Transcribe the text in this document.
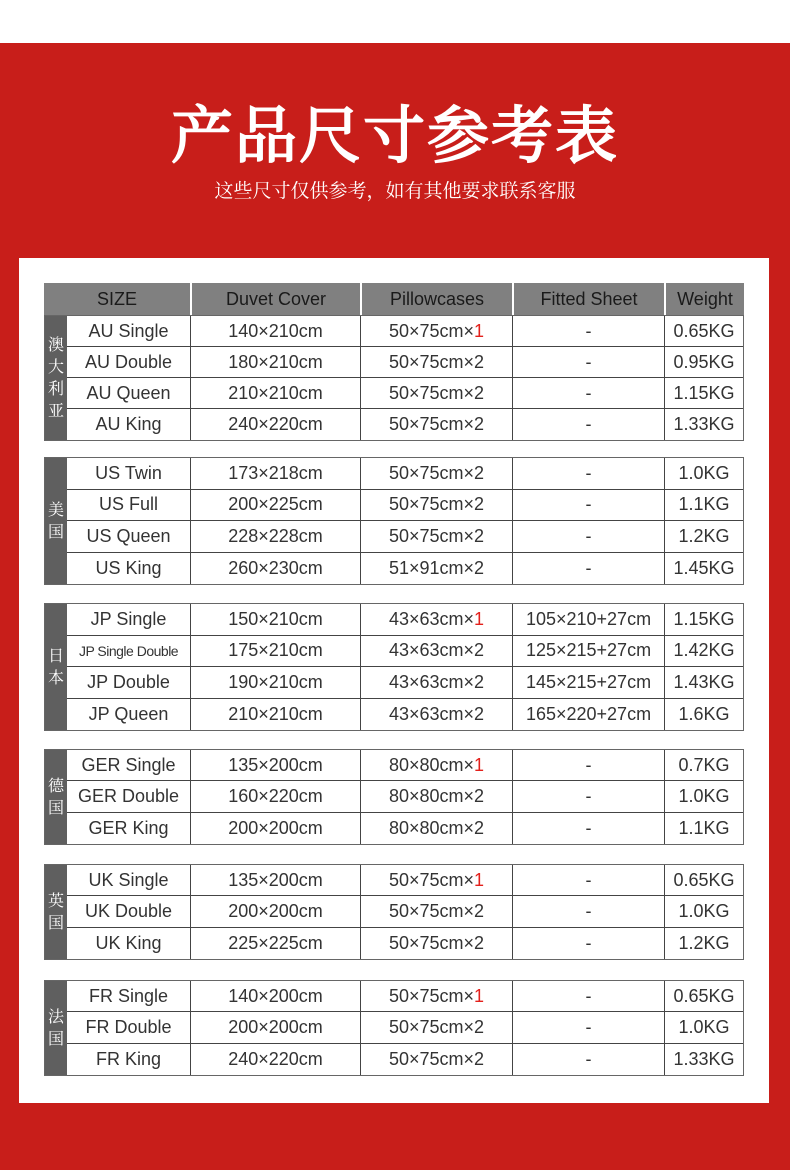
产品尺寸参考表

这些尺寸仅供参考，如有其他要求联系客服

SIZE	Duvet Cover	Pillowcases	Fitted Sheet	Weight
澳大利亚
AU Single	140×210cm	50×75cm× 1	-	0.65KG
AU Double	180×210cm	50×75cm× 2	-	0.95KG
AU Queen	210×210cm	50×75cm× 2	-	1.15KG
AU King	240×220cm	50×75cm× 2	-	1.33KG
美国
US Twin	173×218cm	50×75cm× 2	-	1.0KG
US Full	200×225cm	50×75cm× 2	-	1.1KG
US Queen	228×228cm	50×75cm× 2	-	1.2KG
US King	260×230cm	51×91cm× 2	-	1.45KG
日本
JP Single	150×210cm	43×63cm× 1	105×210+27cm	1.15KG
JP Single Double	175×210cm	43×63cm× 2	125×215+27cm	1.42KG
JP Double	190×210cm	43×63cm× 2	145×215+27cm	1.43KG
JP Queen	210×210cm	43×63cm× 2	165×220+27cm	1.6KG
德国
GER Single	135×200cm	80×80cm× 1	-	0.7KG
GER Double	160×220cm	80×80cm× 2	-	1.0KG
GER King	200×200cm	80×80cm× 2	-	1.1KG
英国
UK Single	135×200cm	50×75cm× 1	-	0.65KG
UK Double	200×200cm	50×75cm× 2	-	1.0KG
UK King	225×225cm	50×75cm× 2	-	1.2KG
法国
FR Single	140×200cm	50×75cm× 1	-	0.65KG
FR Double	200×200cm	50×75cm× 2	-	1.0KG
FR King	240×220cm	50×75cm× 2	-	1.33KG
